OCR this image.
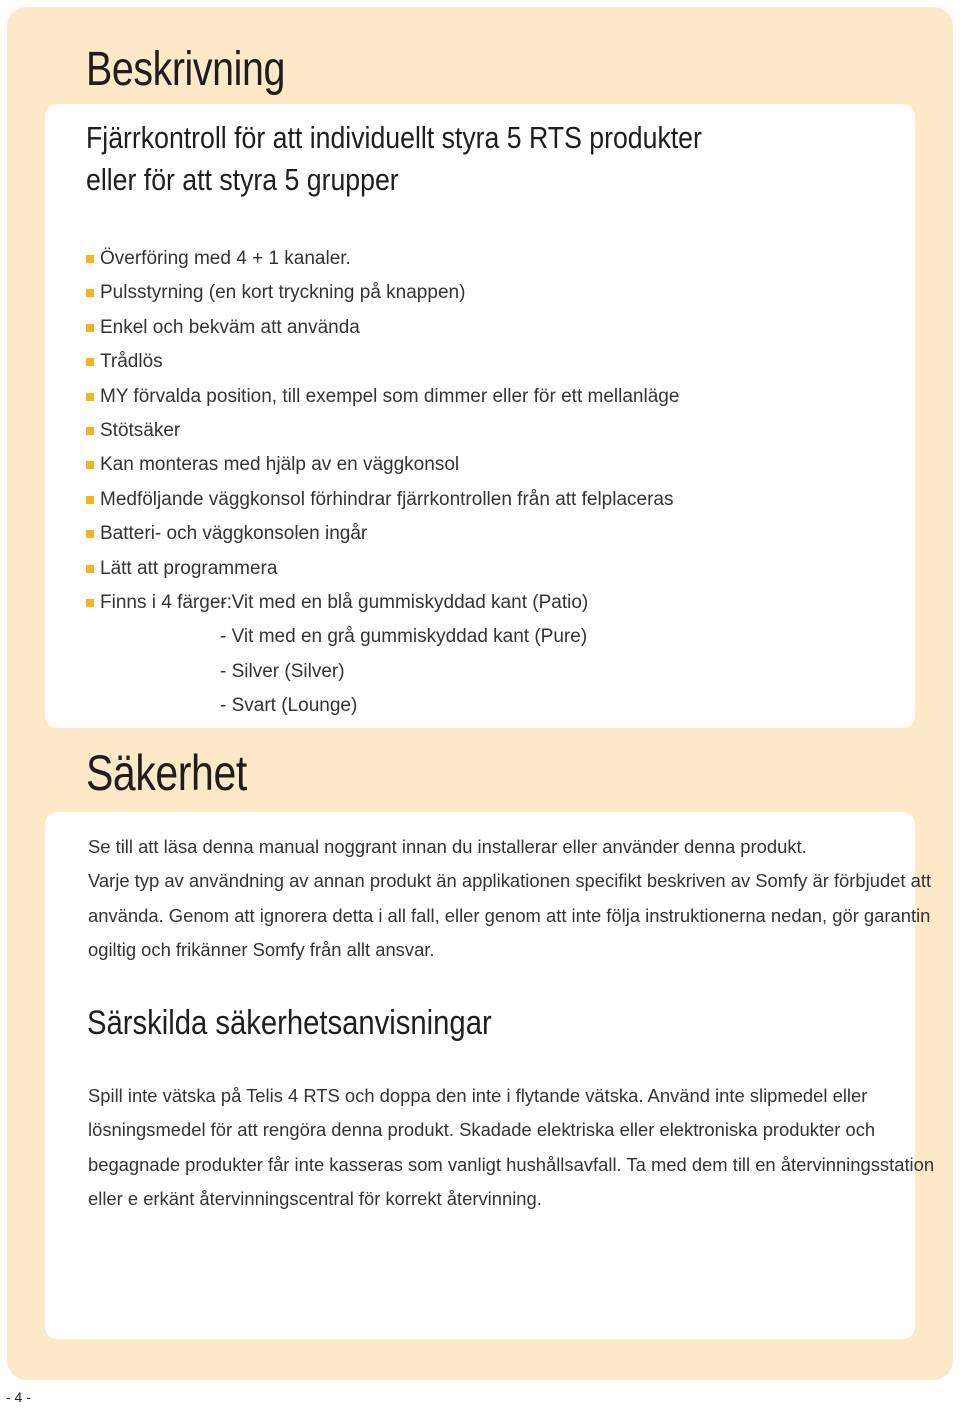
Beskrivning
Fjärrkontroll för att individuellt styra 5 RTS produkter
eller för att styra 5 grupper
Överföring med 4 + 1 kanaler.
Pulsstyrning (en kort tryckning på knappen)
Enkel och bekväm att använda
Trådlös
MY förvalda position, till exempel som dimmer eller för ett mellanläge
Stötsäker
Kan monteras med hjälp av en väggkonsol
Medföljande väggkonsol förhindrar fjärrkontrollen från att felplaceras
Batteri- och väggkonsolen ingår
Lätt att programmera
Finns i 4 färger:
- Vit med en blå gummiskyddad kant (Patio)
- Vit med en grå gummiskyddad kant (Pure)
- Silver (Silver)
- Svart (Lounge)
Säkerhet

Se till att läsa denna manual noggrant innan du installerar eller använder denna produkt.
Varje typ av användning av annan produkt än applikationen specifikt beskriven av Somfy är förbjudet att
använda. Genom att ignorera detta i all fall, eller genom att inte följa instruktionerna nedan, gör garantin
ogiltig och frikänner Somfy från allt ansvar.

Särskilda säkerhetsanvisningar

Spill inte vätska på Telis 4 RTS och doppa den inte i flytande vätska. Använd inte slipmedel eller
lösningsmedel för att rengöra denna produkt. Skadade elektriska eller elektroniska produkter och
begagnade produkter får inte kasseras som vanligt hushållsavfall. Ta med dem till en återvinningsstation
eller e erkänt återvinningscentral för korrekt återvinning.

- 4 -
